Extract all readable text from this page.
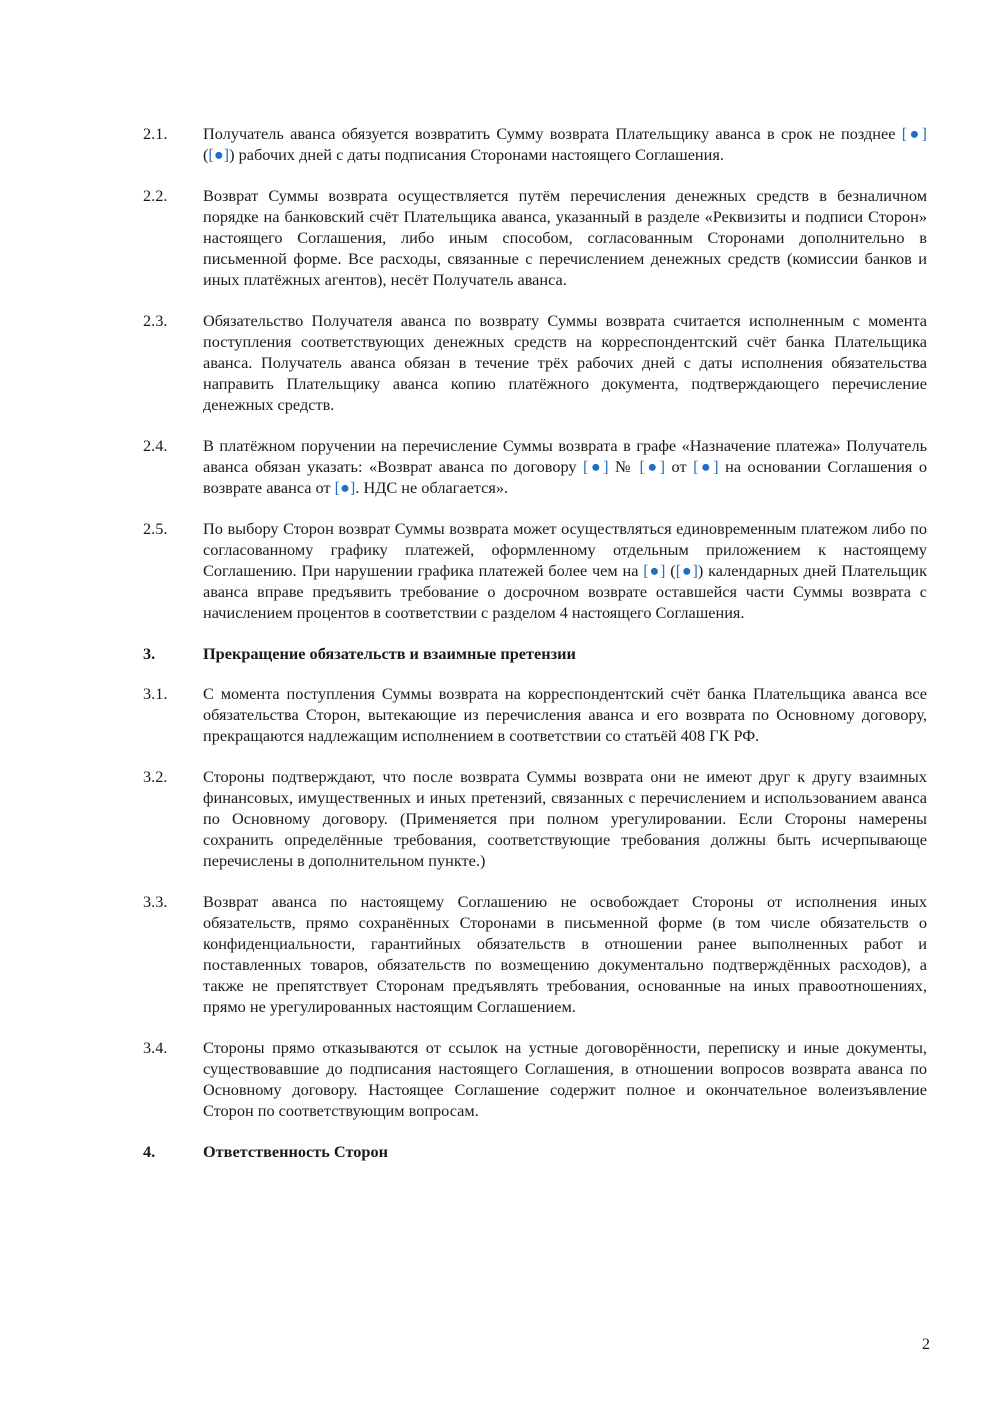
2.1.	Получатель аванса обязуется возвратить Сумму возврата Плательщику аванса в срок не позднее [●] ([●]) рабочих дней с даты подписания Сторонами настоящего Соглашения.
2.2.	Возврат Суммы возврата осуществляется путём перечисления денежных средств в безналичном порядке на банковский счёт Плательщика аванса, указанный в разделе «Реквизиты и подписи Сторон» настоящего Соглашения, либо иным способом, согласованным Сторонами дополнительно в письменной форме. Все расходы, связанные с перечислением денежных средств (комиссии банков и иных платёжных агентов), несёт Получатель аванса.
2.3.	Обязательство Получателя аванса по возврату Суммы возврата считается исполненным с момента поступления соответствующих денежных средств на корреспондентский счёт банка Плательщика аванса. Получатель аванса обязан в течение трёх рабочих дней с даты исполнения обязательства направить Плательщику аванса копию платёжного документа, подтверждающего перечисление денежных средств.
2.4.	В платёжном поручении на перечисление Суммы возврата в графе «Назначение платежа» Получатель аванса обязан указать: «Возврат аванса по договору [●] № [●] от [●] на основании Соглашения о возврате аванса от [●]. НДС не облагается».
2.5.	По выбору Сторон возврат Суммы возврата может осуществляться единовременным платежом либо по согласованному графику платежей, оформленному отдельным приложением к настоящему Соглашению. При нарушении графика платежей более чем на [●] ([●]) календарных дней Плательщик аванса вправе предъявить требование о досрочном возврате оставшейся части Суммы возврата с начислением процентов в соответствии с разделом 4 настоящего Соглашения.
3.	Прекращение обязательств и взаимные претензии
3.1.	С момента поступления Суммы возврата на корреспондентский счёт банка Плательщика аванса все обязательства Сторон, вытекающие из перечисления аванса и его возврата по Основному договору, прекращаются надлежащим исполнением в соответствии со статьёй 408 ГК РФ.
3.2.	Стороны подтверждают, что после возврата Суммы возврата они не имеют друг к другу взаимных финансовых, имущественных и иных претензий, связанных с перечислением и использованием аванса по Основному договору. (Применяется при полном урегулировании. Если Стороны намерены сохранить определённые требования, соответствующие требования должны быть исчерпывающе перечислены в дополнительном пункте.)
3.3.	Возврат аванса по настоящему Соглашению не освобождает Стороны от исполнения иных обязательств, прямо сохранённых Сторонами в письменной форме (в том числе обязательств о конфиденциальности, гарантийных обязательств в отношении ранее выполненных работ и поставленных товаров, обязательств по возмещению документально подтверждённых расходов), а также не препятствует Сторонам предъявлять требования, основанные на иных правоотношениях, прямо не урегулированных настоящим Соглашением.
3.4.	Стороны прямо отказываются от ссылок на устные договорённости, переписку и иные документы, существовавшие до подписания настоящего Соглашения, в отношении вопросов возврата аванса по Основному договору. Настоящее Соглашение содержит полное и окончательное волеизъявление Сторон по соответствующим вопросам.
4.	Ответственность Сторон
2
